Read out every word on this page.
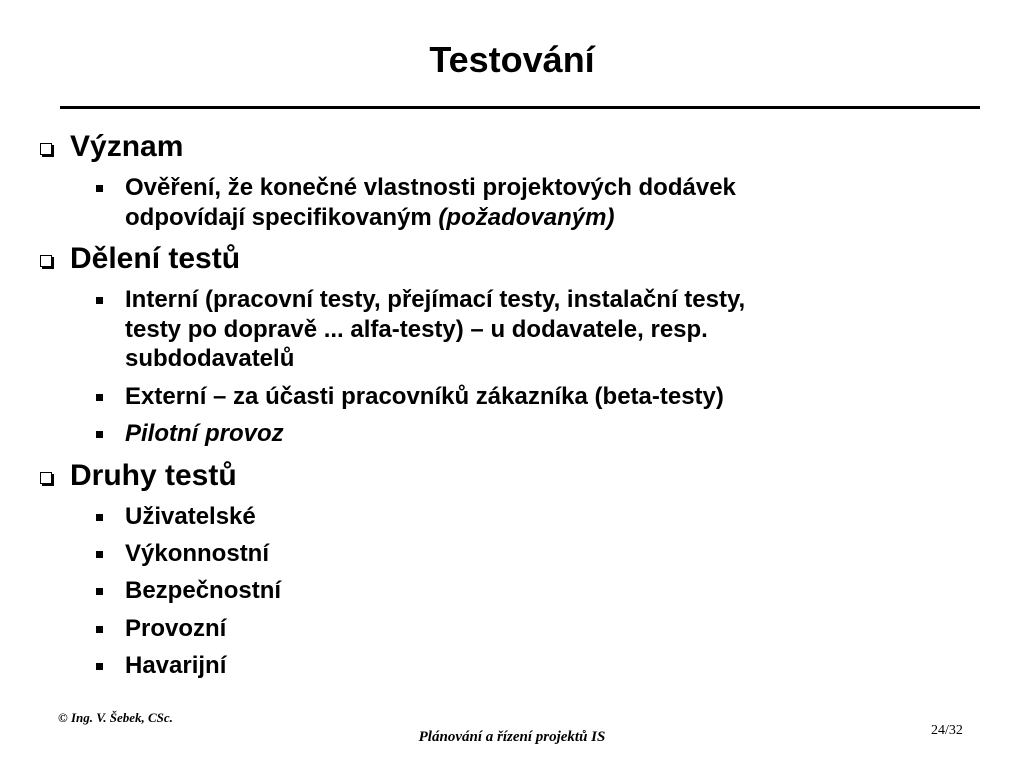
Testování
Význam
Ověření, že konečné vlastnosti projektových dodávek
odpovídají specifikovaným (požadovaným)
Dělení testů
Interní (pracovní testy, přejímací testy, instalační testy,
testy po dopravě ... alfa-testy) – u dodavatele, resp.
subdodavatelů
Externí – za účasti pracovníků zákazníka (beta-testy)
Pilotní provoz
Druhy testů
Uživatelské
Výkonnostní
Bezpečnostní
Provozní
Havarijní
© Ing. V. Šebek, CSc.
Plánování a řízení projektů IS	24/32
